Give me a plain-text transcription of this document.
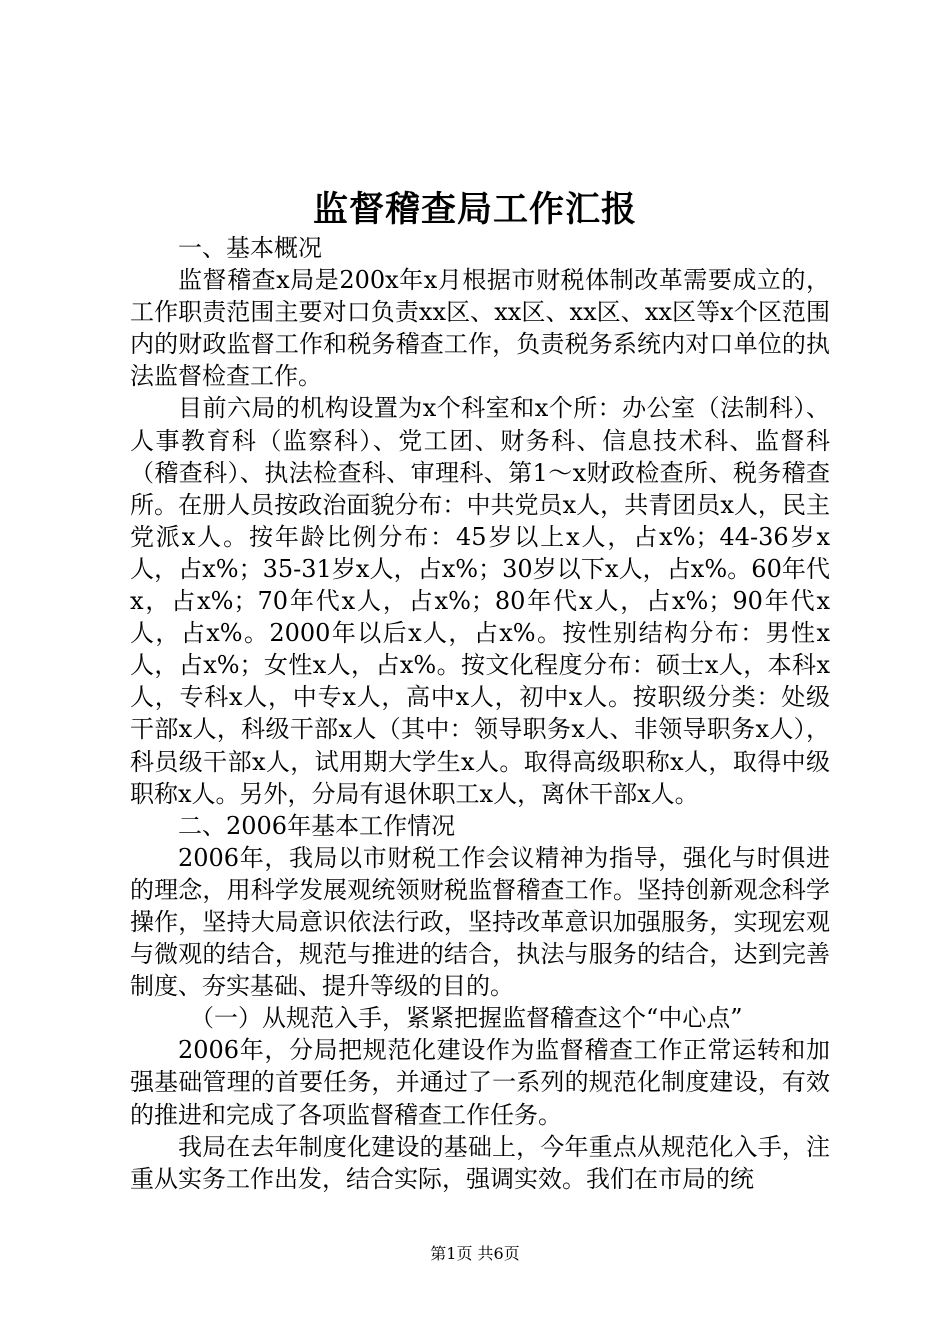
监督稽查局工作汇报

一、基本概况

监督稽查x局是200x年x月根据市财税体制改革需要成立的，工作职责范围主要对口负责xx区、xx区、xx区、xx区等x个区范围内的财政监督工作和税务稽查工作，负责税务系统内对口单位的执法监督检查工作。

目前六局的机构设置为x个科室和x个所：办公室（法制科）、人事教育科（监察科）、党工团、财务科、信息技术科、监督科（稽查科）、执法检查科、审理科、第1～x财政检查所、税务稽查所。在册人员按政治面貌分布：中共党员x人，共青团员x人，民主党派x人。按年龄比例分布：45岁以上x人，占x%；44-36岁x人，占x%；35-31岁x人，占x%；30岁以下x人，占x%。60年代x，占x%；70年代x人，占x%；80年代x人，占x%；90年代x人，占x%。2000年以后x人，占x%。按性别结构分布：男性x人，占x%；女性x人，占x%。按文化程度分布：硕士x人，本科x人，专科x人，中专x人，高中x人，初中x人。按职级分类：处级干部x人，科级干部x人（其中：领导职务x人、非领导职务x人），科员级干部x人，试用期大学生x人。取得高级职称x人，取得中级职称x人。另外，分局有退休职工x人，离休干部x人。

二、2006年基本工作情况

2006年，我局以市财税工作会议精神为指导，强化与时俱进的理念，用科学发展观统领财税监督稽查工作。坚持创新观念科学操作，坚持大局意识依法行政，坚持改革意识加强服务，实现宏观与微观的结合，规范与推进的结合，执法与服务的结合，达到完善制度、夯实基础、提升等级的目的。

（一）从规范入手，紧紧把握监督稽查这个“中心点”

2006年，分局把规范化建设作为监督稽查工作正常运转和加强基础管理的首要任务，并通过了一系列的规范化制度建设，有效的推进和完成了各项监督稽查工作任务。

我局在去年制度化建设的基础上，今年重点从规范化入手，注重从实务工作出发，结合实际，强调实效。我们在市局的统

第1页 共6页
